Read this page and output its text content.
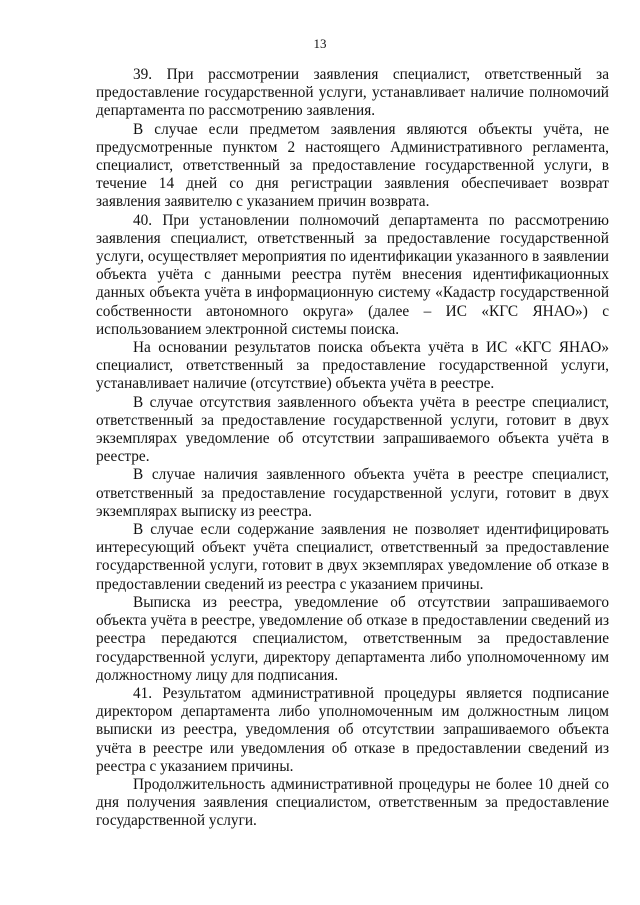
13

39. При рассмотрении заявления специалист, ответственный за предоставление государственной услуги, устанавливает наличие полномочий департамента по рассмотрению заявления.

В случае если предметом заявления являются объекты учёта, не предусмотренные пунктом 2 настоящего Административного регламента, специалист, ответственный за предоставление государственной услуги, в течение 14 дней со дня регистрации заявления обеспечивает возврат заявления заявителю с указанием причин возврата.

40. При установлении полномочий департамента по рассмотрению заявления специалист, ответственный за предоставление государственной услуги, осуществляет мероприятия по идентификации указанного в заявлении объекта учёта с данными реестра путём внесения идентификационных данных объекта учёта в информационную систему «Кадастр государственной собственности автономного округа» (далее – ИС «КГС ЯНАО») с использованием электронной системы поиска.

На основании результатов поиска объекта учёта в ИС «КГС ЯНАО» специалист, ответственный за предоставление государственной услуги, устанавливает наличие (отсутствие) объекта учёта в реестре.

В случае отсутствия заявленного объекта учёта в реестре специалист, ответственный за предоставление государственной услуги, готовит в двух экземплярах уведомление об отсутствии запрашиваемого объекта учёта в реестре.

В случае наличия заявленного объекта учёта в реестре специалист, ответственный за предоставление государственной услуги, готовит в двух экземплярах выписку из реестра.

В случае если содержание заявления не позволяет идентифицировать интересующий объект учёта специалист, ответственный за предоставление государственной услуги, готовит в двух экземплярах уведомление об отказе в предоставлении сведений из реестра с указанием причины.

Выписка из реестра, уведомление об отсутствии запрашиваемого объекта учёта в реестре, уведомление об отказе в предоставлении сведений из реестра передаются специалистом, ответственным за предоставление государственной услуги, директору департамента либо уполномоченному им должностному лицу для подписания.

41. Результатом административной процедуры является подписание директором департамента либо уполномоченным им должностным лицом выписки из реестра, уведомления об отсутствии запрашиваемого объекта учёта в реестре или уведомления об отказе в предоставлении сведений из реестра с указанием причины.

Продолжительность административной процедуры не более 10 дней со дня получения заявления специалистом, ответственным за предоставление государственной услуги.
